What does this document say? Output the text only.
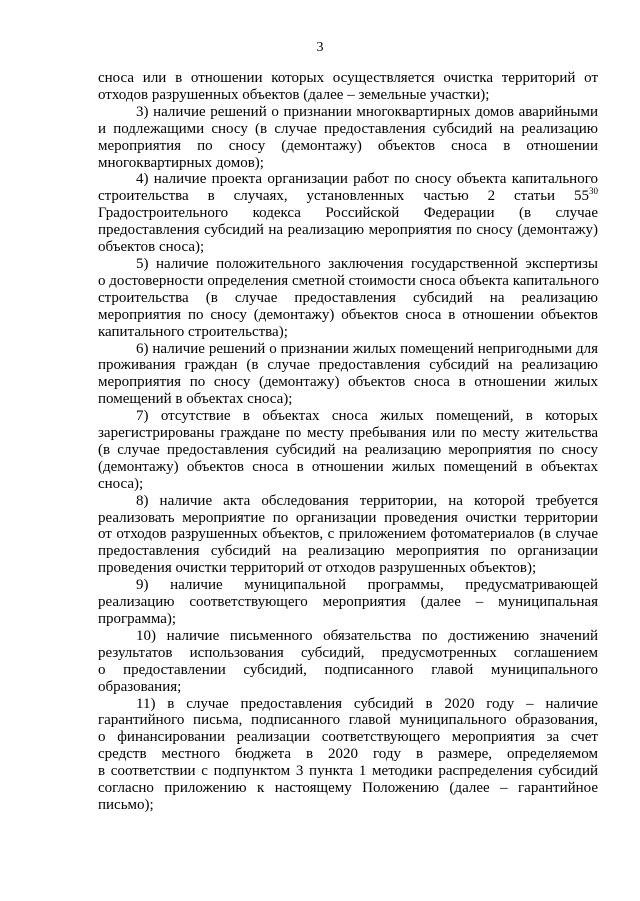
3
сноса или в отношении которых осуществляется очистка территорий от
отходов разрушенных объектов (далее – земельные участки);
3) наличие решений о признании многоквартирных домов аварийными
и подлежащими сносу (в случае предоставления субсидий на реализацию
мероприятия по сносу (демонтажу) объектов сноса в отношении
многоквартирных домов);
4) наличие проекта организации работ по сносу объекта капитального
строительства в случаях, установленных частью 2 статьи $55^{30}$
Градостроительного кодекса Российской Федерации (в случае
предоставления субсидий на реализацию мероприятия по сносу (демонтажу)
объектов сноса);
5) наличие положительного заключения государственной экспертизы
о достоверности определения сметной стоимости сноса объекта капитального
строительства (в случае предоставления субсидий на реализацию
мероприятия по сносу (демонтажу) объектов сноса в отношении объектов
капитального строительства);
6) наличие решений о признании жилых помещений непригодными для
проживания граждан (в случае предоставления субсидий на реализацию
мероприятия по сносу (демонтажу) объектов сноса в отношении жилых
помещений в объектах сноса);
7) отсутствие в объектах сноса жилых помещений, в которых
зарегистрированы граждане по месту пребывания или по месту жительства
(в случае предоставления субсидий на реализацию мероприятия по сносу
(демонтажу) объектов сноса в отношении жилых помещений в объектах
сноса);
8) наличие акта обследования территории, на которой требуется
реализовать мероприятие по организации проведения очистки территории
от отходов разрушенных объектов, с приложением фотоматериалов (в случае
предоставления субсидий на реализацию мероприятия по организации
проведения очистки территорий от отходов разрушенных объектов);
9) наличие муниципальной программы, предусматривающей
реализацию соответствующего мероприятия (далее – муниципальная
программа);
10) наличие письменного обязательства по достижению значений
результатов использования субсидий, предусмотренных соглашением
о предоставлении субсидий, подписанного главой муниципального
образования;
11) в случае предоставления субсидий в 2020 году – наличие
гарантийного письма, подписанного главой муниципального образования,
о финансировании реализации соответствующего мероприятия за счет
средств местного бюджета в 2020 году в размере, определяемом
в соответствии с подпунктом 3 пункта 1 методики распределения субсидий
согласно приложению к настоящему Положению (далее – гарантийное
письмо);
